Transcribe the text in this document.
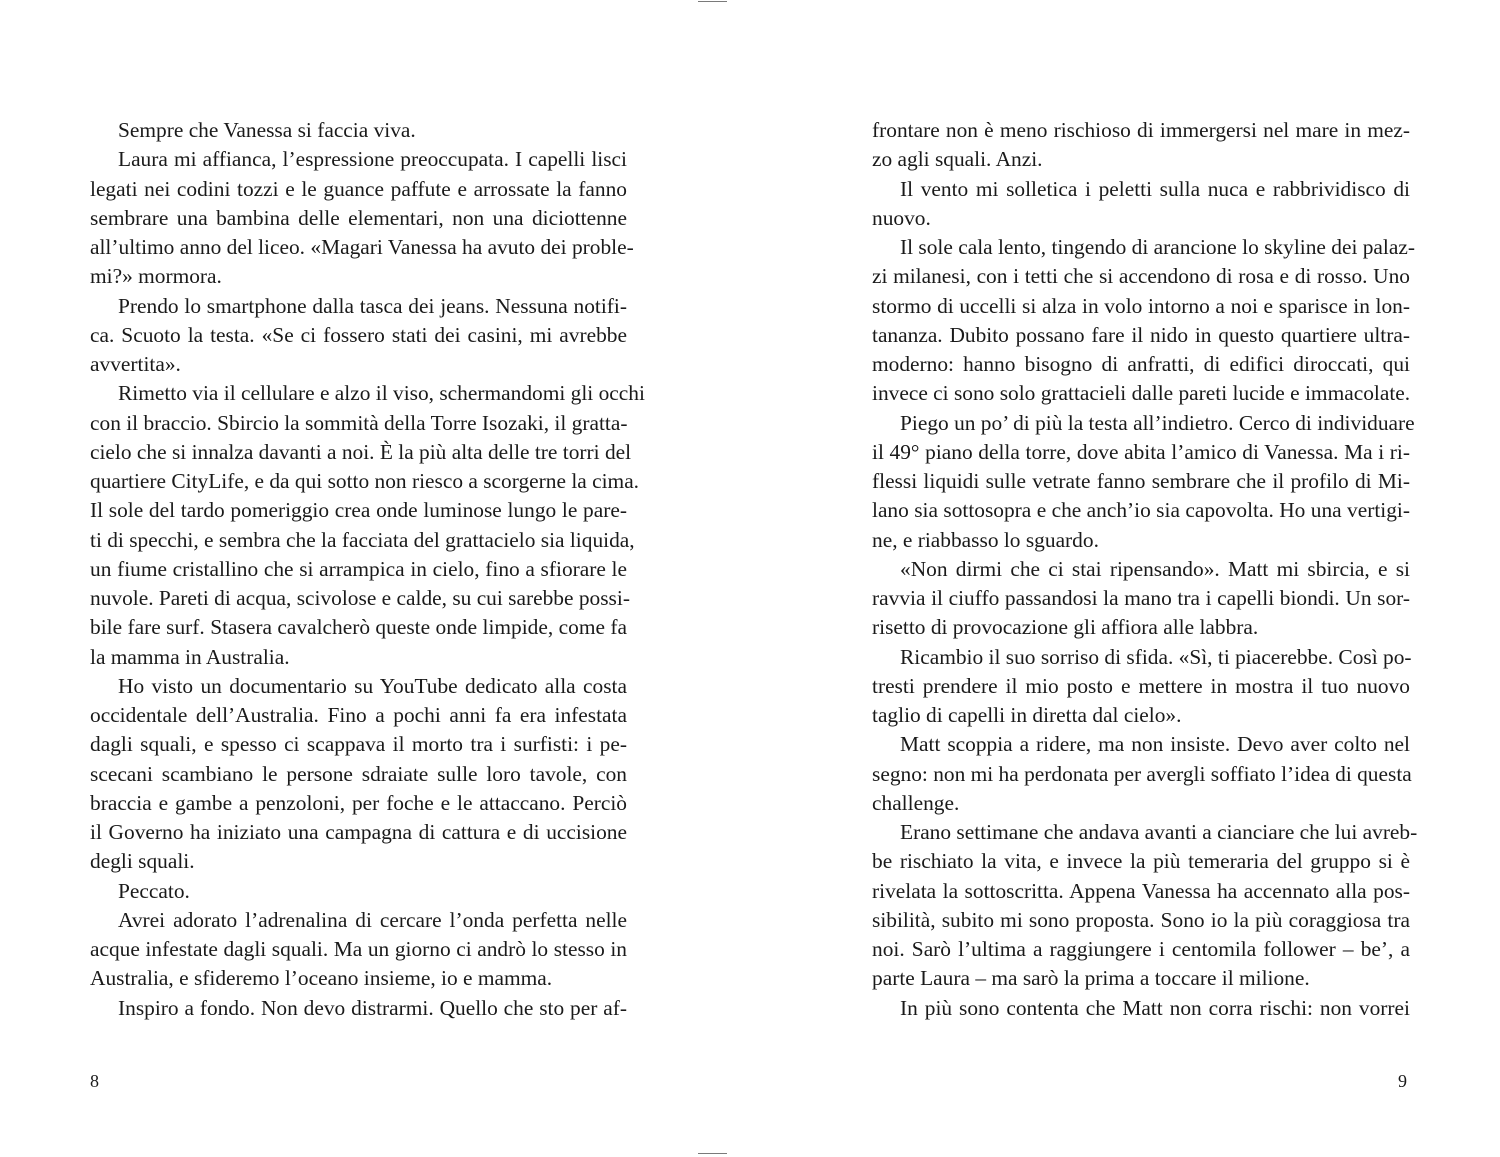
Sempre che Vanessa si faccia viva.
Laura mi affianca, l’espressione preoccupata. I capelli lisci
legati nei codini tozzi e le guance paffute e arrossate la fanno
sembrare una bambina delle elementari, non una diciottenne
all’ultimo anno del liceo. «Magari Vanessa ha avuto dei proble-
mi?» mormora.
Prendo lo smartphone dalla tasca dei jeans. Nessuna notifi-
ca. Scuoto la testa. «Se ci fossero stati dei casini, mi avrebbe
avvertita».
Rimetto via il cellulare e alzo il viso, schermandomi gli occhi
con il braccio. Sbircio la sommità della Torre Isozaki, il gratta-
cielo che si innalza davanti a noi. È la più alta delle tre torri del
quartiere CityLife, e da qui sotto non riesco a scorgerne la cima.
Il sole del tardo pomeriggio crea onde luminose lungo le pare-
ti di specchi, e sembra che la facciata del grattacielo sia liquida,
un fiume cristallino che si arrampica in cielo, fino a sfiorare le
nuvole. Pareti di acqua, scivolose e calde, su cui sarebbe possi-
bile fare surf. Stasera cavalcherò queste onde limpide, come fa
la mamma in Australia.
Ho visto un documentario su YouTube dedicato alla costa
occidentale dell’Australia. Fino a pochi anni fa era infestata
dagli squali, e spesso ci scappava il morto tra i surfisti: i pe-
scecani scambiano le persone sdraiate sulle loro tavole, con
braccia e gambe a penzoloni, per foche e le attaccano. Perciò
il Governo ha iniziato una campagna di cattura e di uccisione
degli squali.
Peccato.
Avrei adorato l’adrenalina di cercare l’onda perfetta nelle
acque infestate dagli squali. Ma un giorno ci andrò lo stesso in
Australia, e sfideremo l’oceano insieme, io e mamma.
Inspiro a fondo. Non devo distrarmi. Quello che sto per af-
frontare non è meno rischioso di immergersi nel mare in mez-
zo agli squali. Anzi.
Il vento mi solletica i peletti sulla nuca e rabbrividisco di
nuovo.
Il sole cala lento, tingendo di arancione lo skyline dei palaz-
zi milanesi, con i tetti che si accendono di rosa e di rosso. Uno
stormo di uccelli si alza in volo intorno a noi e sparisce in lon-
tananza. Dubito possano fare il nido in questo quartiere ultra-
moderno: hanno bisogno di anfratti, di edifici diroccati, qui
invece ci sono solo grattacieli dalle pareti lucide e immacolate.
Piego un po’ di più la testa all’indietro. Cerco di individuare
il 49° piano della torre, dove abita l’amico di Vanessa. Ma i ri-
flessi liquidi sulle vetrate fanno sembrare che il profilo di Mi-
lano sia sottosopra e che anch’io sia capovolta. Ho una vertigi-
ne, e riabbasso lo sguardo.
«Non dirmi che ci stai ripensando». Matt mi sbircia, e si
ravvia il ciuffo passandosi la mano tra i capelli biondi. Un sor-
risetto di provocazione gli affiora alle labbra.
Ricambio il suo sorriso di sfida. «Sì, ti piacerebbe. Così po-
tresti prendere il mio posto e mettere in mostra il tuo nuovo
taglio di capelli in diretta dal cielo».
Matt scoppia a ridere, ma non insiste. Devo aver colto nel
segno: non mi ha perdonata per avergli soffiato l’idea di questa
challenge.
Erano settimane che andava avanti a cianciare che lui avreb-
be rischiato la vita, e invece la più temeraria del gruppo si è
rivelata la sottoscritta. Appena Vanessa ha accennato alla pos-
sibilità, subito mi sono proposta. Sono io la più coraggiosa tra
noi. Sarò l’ultima a raggiungere i centomila follower – be’, a
parte Laura – ma sarò la prima a toccare il milione.
In più sono contenta che Matt non corra rischi: non vorrei
8	9
